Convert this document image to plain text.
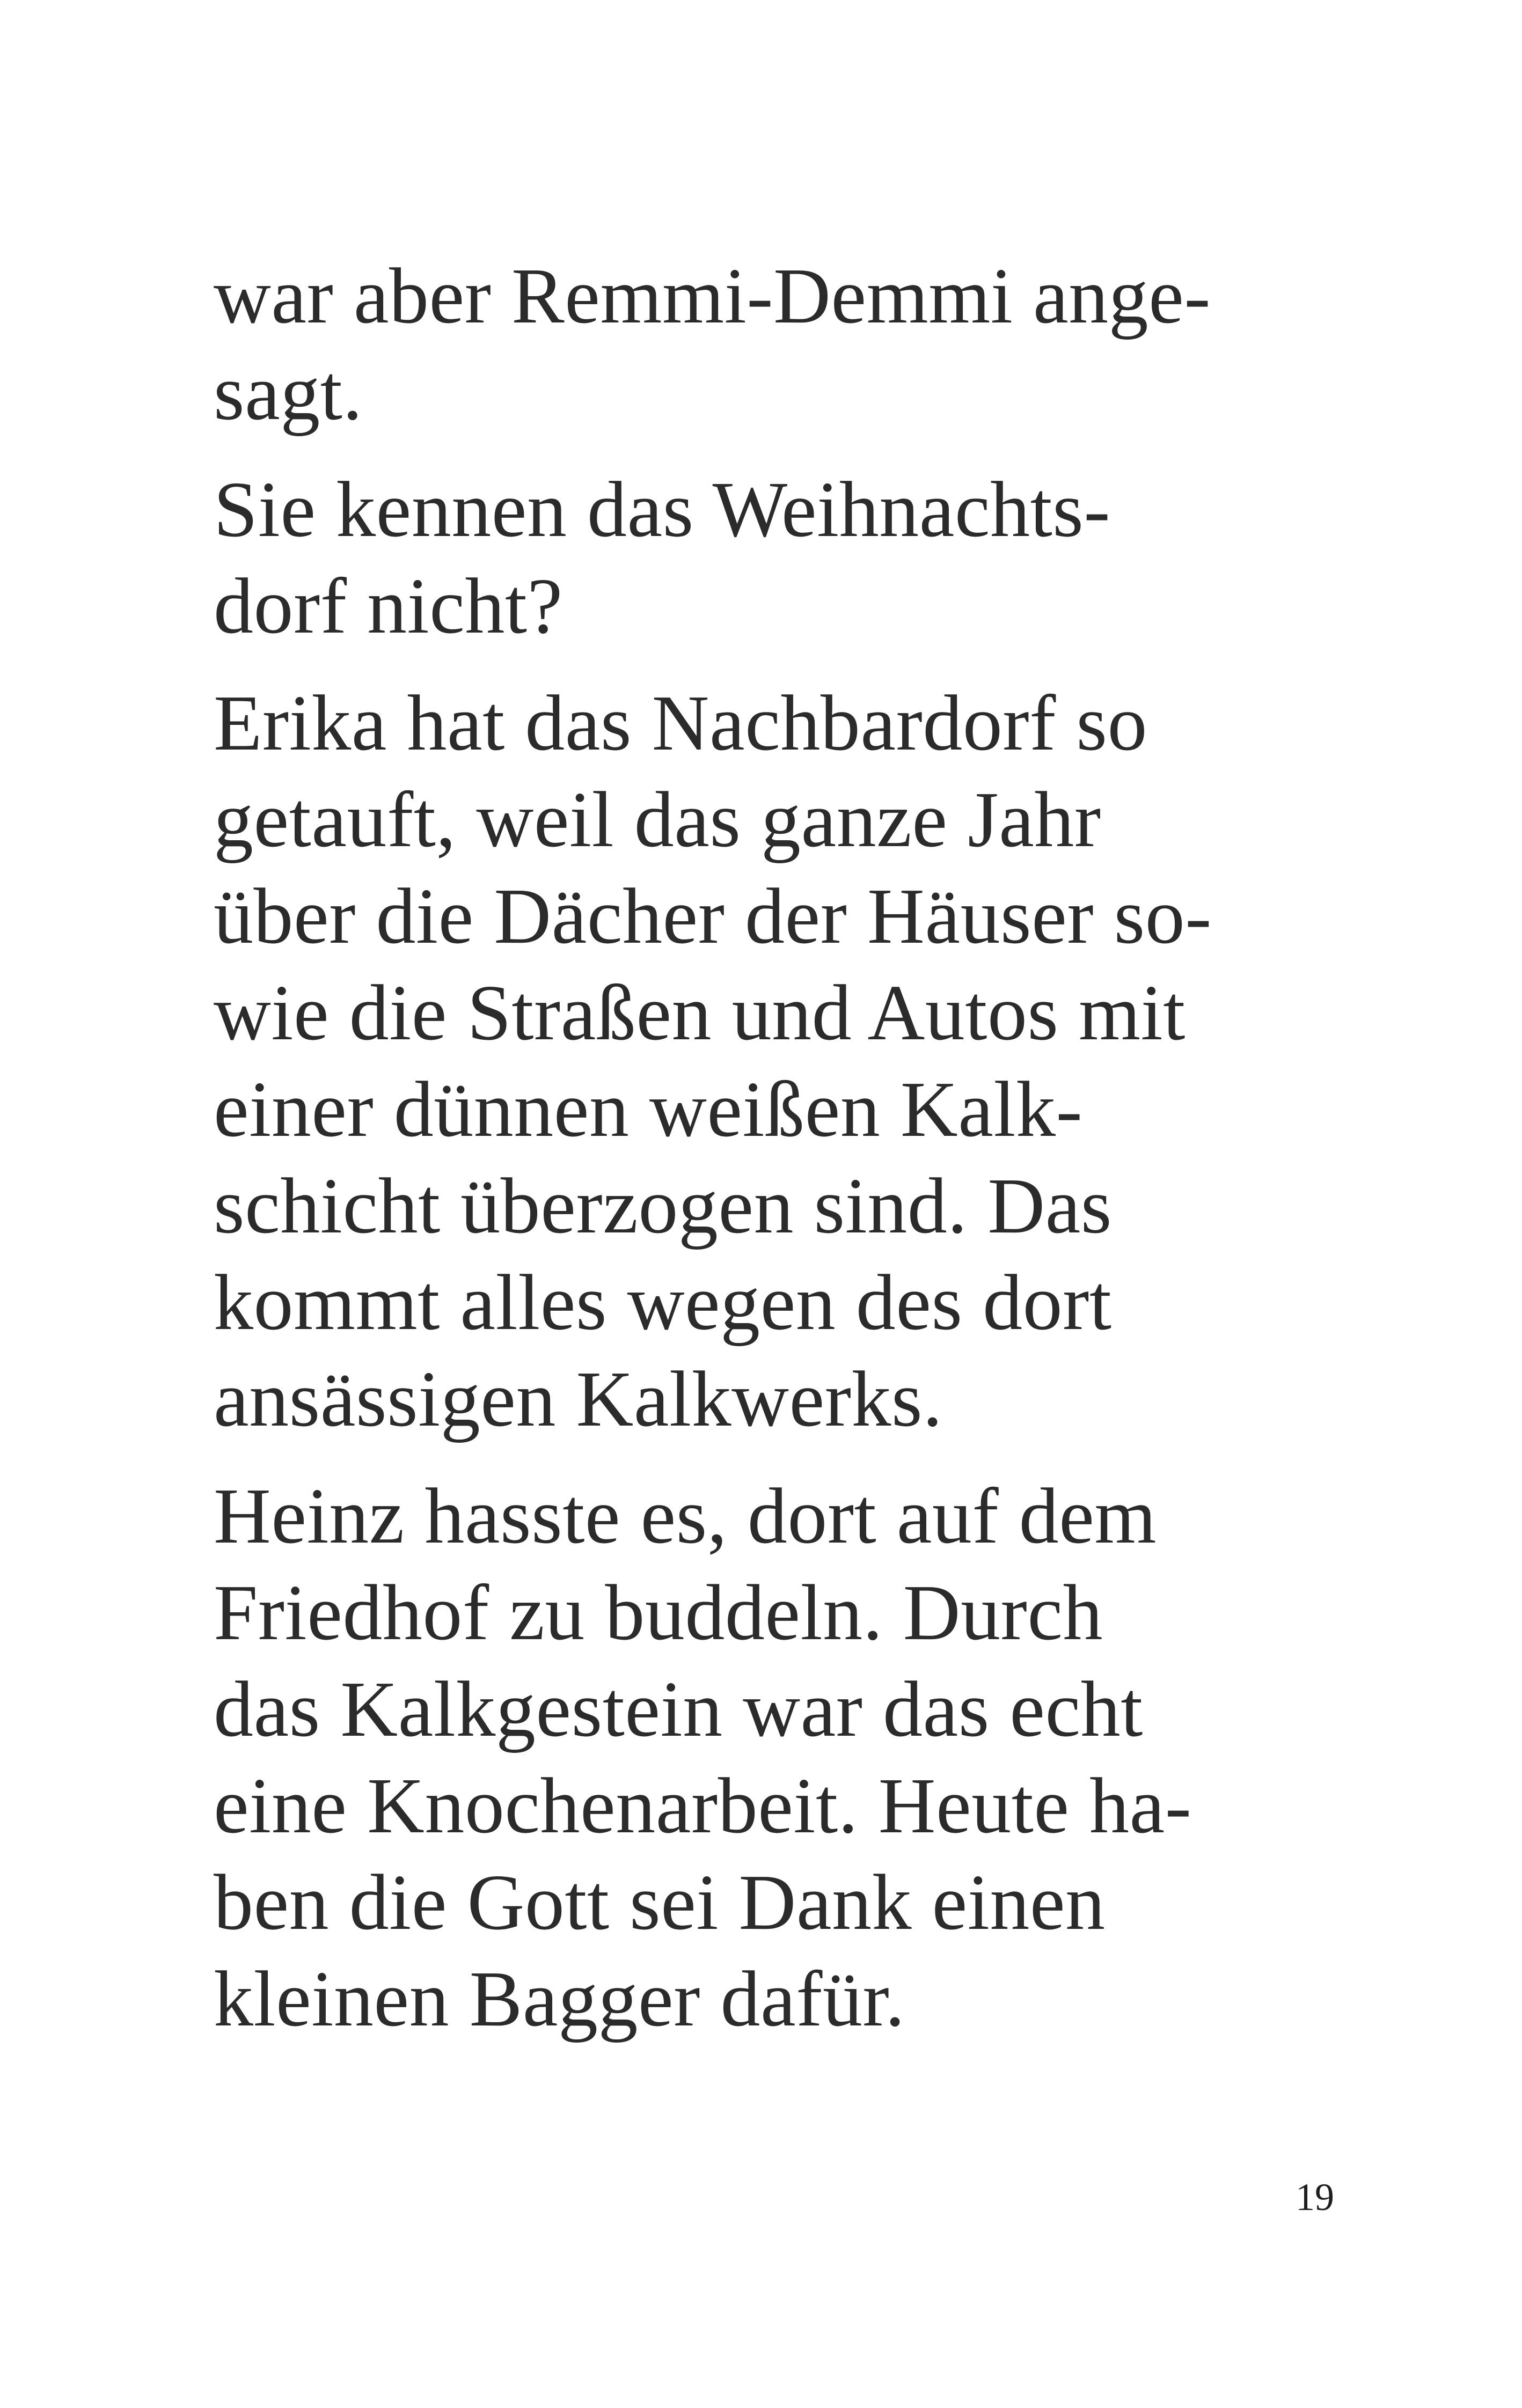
war aber Remmi-Demmi ange-
sagt.

Sie kennen das Weihnachts-
dorf nicht?

Erika hat das Nachbardorf so
getauft, weil das ganze Jahr
über die Dächer der Häuser so-
wie die Straßen und Autos mit
einer dünnen weißen Kalk-
schicht überzogen sind. Das
kommt alles wegen des dort
ansässigen Kalkwerks.

Heinz hasste es, dort auf dem
Friedhof zu buddeln. Durch
das Kalkgestein war das echt
eine Knochenarbeit. Heute ha-
ben die Gott sei Dank einen
kleinen Bagger dafür.

19
